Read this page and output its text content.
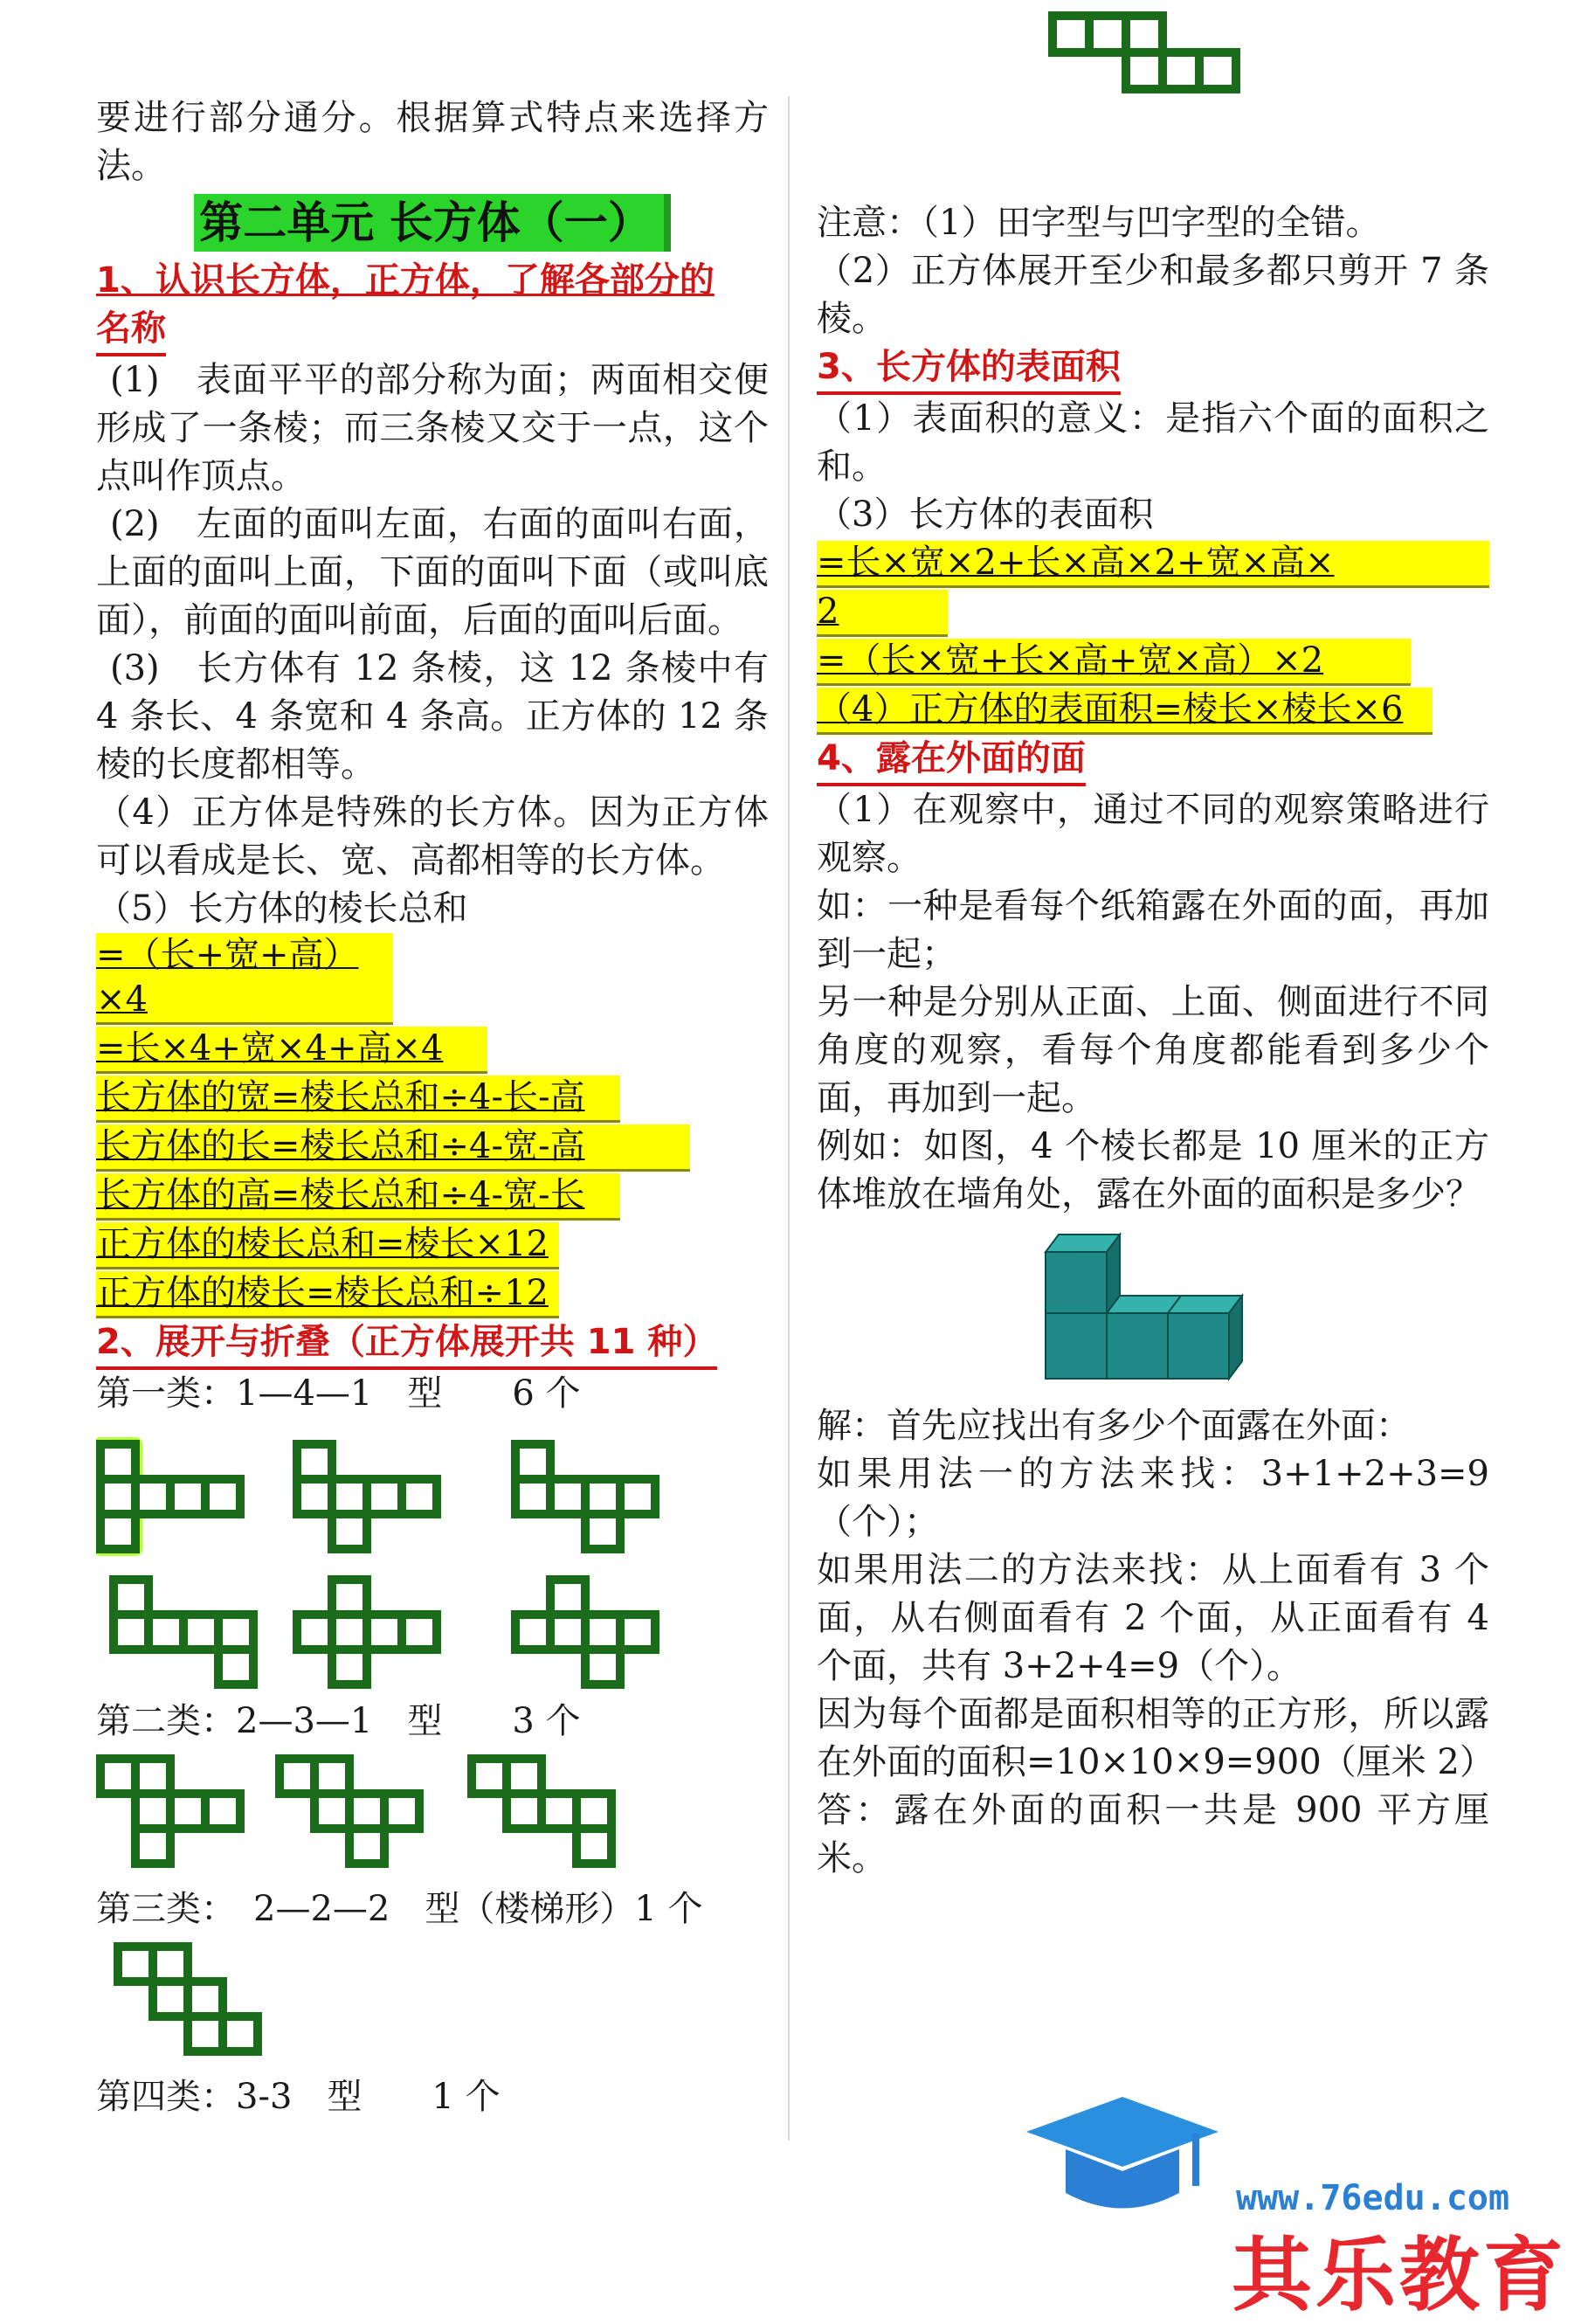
要进行部分通分。根据算式特点来选择方法。

第二单元 长方体（一）
1、认识长方体，正方体，了解各部分的
名称

(1)　表面平平的部分称为面；两面相交便形成了一条棱；而三条棱又交于一点，这个点叫作顶点。

(2)　左面的面叫左面，右面的面叫右面，上面的面叫上面，下面的面叫下面（或叫底面），前面的面叫前面，后面的面叫后面。

(3)　长方体有 12 条棱，这 12 条棱中有 4 条长、4 条宽和 4 条高。正方体的 12 条棱的长度都相等。

（4）正方体是特殊的长方体。因为正方体可以看成是长、宽、高都相等的长方体。

（5）长方体的棱长总和

=（长+宽+高）×4
=长×4+宽×4+高×4
长方体的宽=棱长总和÷4-长-高
长方体的长=棱长总和÷4-宽-高
长方体的高=棱长总和÷4-宽-长
正方体的棱长总和=棱长×12
正方体的棱长=棱长总和÷12
2、展开与折叠（正方体展开共 11 种）

第一类：1—4—1　型　　6 个

第二类：2—3—1　型　　3 个

第三类：　2—2—2　型（楼梯形）1 个

第四类：3-3　型　　1 个

注意：（1）田字型与凹字型的全错。

（2）正方体展开至少和最多都只剪开 7 条棱。

3、长方体的表面积

（1）表面积的意义：是指六个面的面积之和。

（3）长方体的表面积

=长×宽×2+长×高×2+宽×高×
2
=（长×宽+长×高+宽×高）×2
（4）正方体的表面积=棱长×棱长×6
4、露在外面的面

（1）在观察中，通过不同的观察策略进行观察。

如：一种是看每个纸箱露在外面的面，再加到一起；

另一种是分别从正面、上面、侧面进行不同角度的观察，看每个角度都能看到多少个面，再加到一起。

例如：如图，4 个棱长都是 10 厘米的正方体堆放在墙角处，露在外面的面积是多少？

解：首先应找出有多少个面露在外面：

如果用法一的方法来找：3+1+2+3=9（个）；

如果用法二的方法来找：从上面看有 3 个面，从右侧面看有 2 个面，从正面看有 4 个面，共有 3+2+4=9（个）。

因为每个面都是面积相等的正方形，所以露在外面的面积=10×10×9=900（厘米 2）

答：露在外面的面积一共是 900 平方厘米。

其乐教育
www.76edu.com
